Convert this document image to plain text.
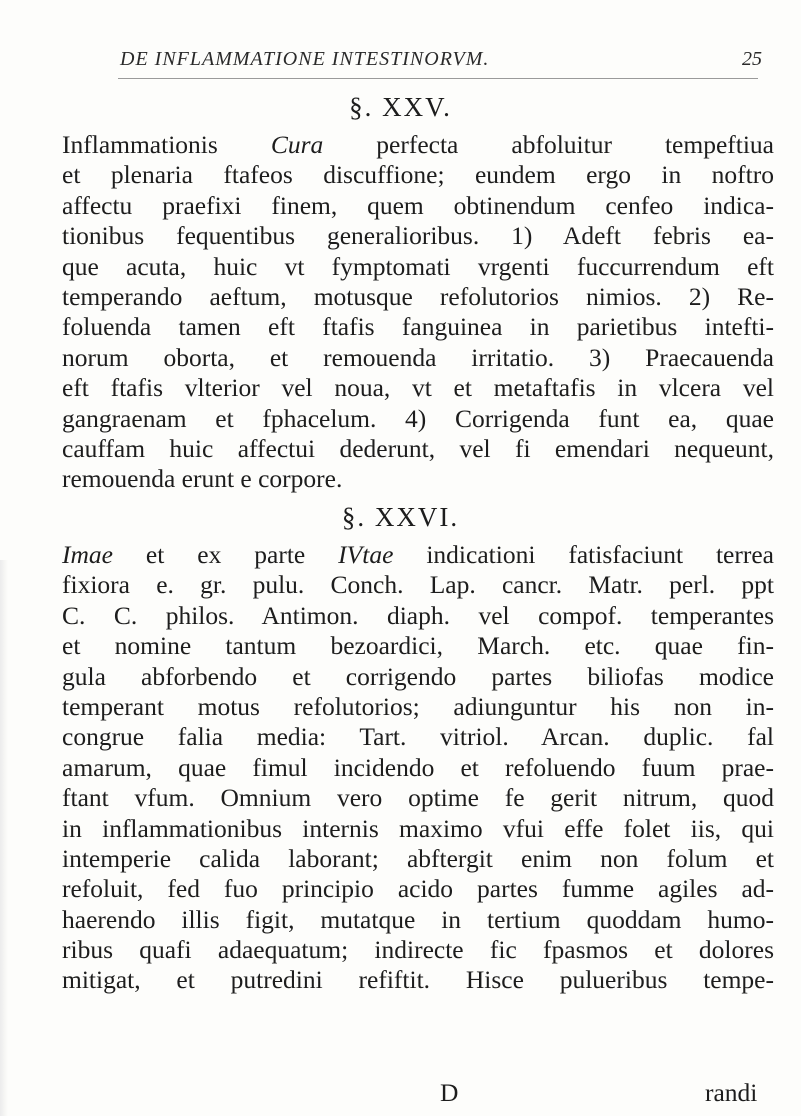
DE INFLAMMATIONE INTESTINORVM.	25
§. XXV.
Inflammationis Cura perfecta abfoluitur tempeftiua
et plenaria ftafeos discuffione; eundem ergo in noftro
affectu praefixi finem, quem obtinendum cenfeo indica-
tionibus fequentibus generalioribus. 1) Adeft febris ea-
que acuta, huic vt fymptomati vrgenti fuccurrendum eft
temperando aeftum, motusque refolutorios nimios. 2) Re-
foluenda tamen eft ftafis fanguinea in parietibus intefti-
norum oborta, et remouenda irritatio. 3) Praecauenda
eft ftafis vlterior vel noua, vt et metaftafis in vlcera vel
gangraenam et fphacelum. 4) Corrigenda funt ea, quae
cauffam huic affectui dederunt, vel fi emendari nequeunt,
remouenda erunt e corpore.
§. XXVI.
Imae et ex parte IVtae indicationi fatisfaciunt terrea
fixiora e. gr. pulu. Conch. Lap. cancr. Matr. perl. ppt
C. C. philos. Antimon. diaph. vel compof. temperantes
et nomine tantum bezoardici, March. etc. quae fin-
gula abforbendo et corrigendo partes biliofas modice
temperant motus refolutorios; adiunguntur his non in-
congrue falia media: Tart. vitriol. Arcan. duplic. fal
amarum, quae fimul incidendo et refoluendo fuum prae-
ftant vfum. Omnium vero optime fe gerit nitrum, quod
in inflammationibus internis maximo vfui effe folet iis, qui
intemperie calida laborant; abftergit enim non folum et
refoluit, fed fuo principio acido partes fumme agiles ad-
haerendo illis figit, mutatque in tertium quoddam humo-
ribus quafi adaequatum; indirecte fic fpasmos et dolores
mitigat, et putredini refiftit. Hisce pulueribus tempe-
D	randi
